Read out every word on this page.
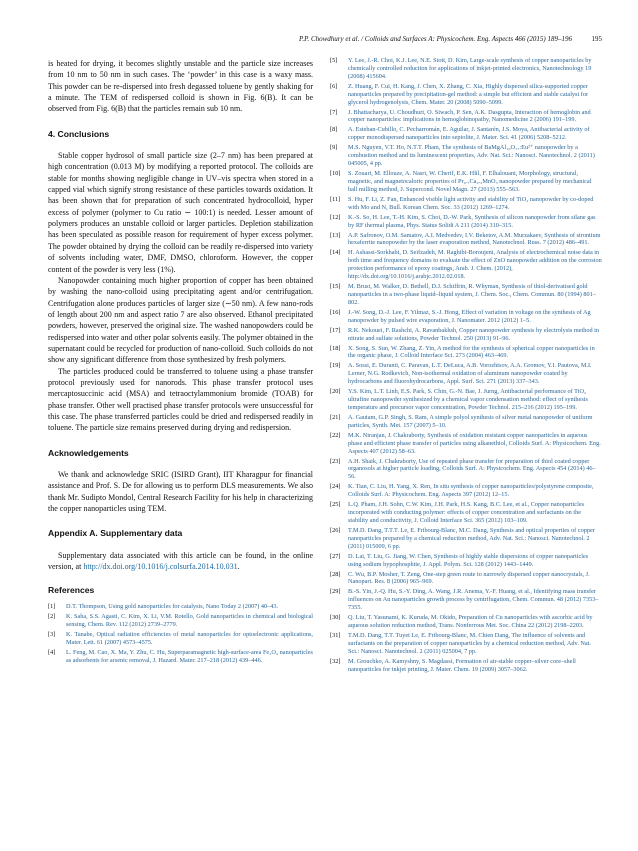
P.P. Chowdhury et al. / Colloids and Surfaces A: Physicochem. Eng. Aspects 466 (2015) 189–196	195

is heated for drying, it becomes slightly unstable and the particle size increases from 10 nm to 50 nm in such cases. The ‘powder’ in this case is a waxy mass. This powder can be re-dispersed into fresh degassed toluene by gently shaking for a minute. The TEM of redispersed colloid is shown in Fig. 6(B). It can be observed from Fig. 6(B) that the particles remain sub 10 nm.

4. Conclusions

Stable copper hydrosol of small particle size (2–7 nm) has been prepared at high concentration (0.013 M) by modifying a reported protocol. The colloids are stable for months showing negligible change in UV–vis spectra when stored in a capped vial which signify strong resistance of these particles towards oxidation. It has been shown that for preparation of such concentrated hydrocolloid, hyper excess of polymer (polymer to Cu ratio ∼ 100:1) is needed. Lesser amount of polymers produces an unstable colloid or larger particles. Depletion stabilization has been speculated as possible reason for requirement of hyper excess polymer. The powder obtained by drying the colloid can be readily re-dispersed into variety of solvents including water, DMF, DMSO, chloroform. However, the copper content of the powder is very less (1%).

Nanopowder containing much higher proportion of copper has been obtained by washing the nano-colloid using precipitating agent and/or centrifugation. Centrifugation alone produces particles of larger size (∼50 nm). A few nano-rods of length about 200 nm and aspect ratio 7 are also observed. Ethanol precipitated powders, however, preserved the original size. The washed nanopowders could be redispersed into water and other polar solvents easily. The polymer obtained in the supernatant could be recycled for production of nano-colloid. Such colloids do not show any significant difference from those synthesized by fresh polymers.

The particles produced could be transferred to toluene using a phase transfer protocol previously used for nanorods. This phase transfer protocol uses mercaptosuccinic acid (MSA) and tetraoctylammonium bromide (TOAB) for phase transfer. Other well practised phase transfer protocols were unsuccessful for this case. The phase transferred particles could be dried and redispersed readily in toluene. The particle size remains preserved during drying and redispersion.

Acknowledgements

We thank and acknowledge SRIC (ISIRD Grant), IIT Kharagpur for financial assistance and Prof. S. De for allowing us to perform DLS measurements. We also thank Mr. Sudipto Mondol, Central Research Facility for his help in characterizing the copper nanoparticles using TEM.

Appendix A. Supplementary data

Supplementary data associated with this article can be found, in the online version, at http://dx.doi.org/10.1016/j.colsurfa.2014.10.031.

References
[1] D.T. Thompson, Using gold nanoparticles for catalysis, Nano Today 2 (2007) 40–43.
[2] K. Saha, S.S. Agasti, C. Kim, X. Li, V.M. Rotello, Gold nanoparticles in chemical and biological sensing, Chem. Rev. 112 (2012) 2739–2779.
[3] K. Tanabe, Optical radiation efficiencies of metal nanoparticles for optoelectronic applications, Mater. Lett. 61 (2007) 4573–4575.
[4] L. Feng, M. Cao, X. Ma, Y. Zhu, C. Hu, Superparamagnetic high-surface-area Fe₃O₄ nanoparticles as adsorbents for arsenic removal, J. Hazard. Mater. 217–218 (2012) 439–446.
[5] Y. Lee, J.-R. Choi, K.J. Lee, N.E. Stott, D. Kim, Large-scale synthesis of copper nanoparticles by chemically controlled reduction for applications of inkjet-printed electronics, Nanotechnology 19 (2008) 415604.
[6] Z. Huang, F. Cui, H. Kang, J. Chen, X. Zhang, C. Xia, Highly dispersed silica-supported copper nanoparticles prepared by precipitation-gel method: a simple but efficient and stable catalyst for glycerol hydrogenolysis, Chem. Mater. 20 (2008) 5090–5099.
[7] J. Bhattacharya, U. Choudhuri, O. Siwach, P. Sen, A.K. Dasgupta, Interaction of hemoglobin and copper nanoparticles: implications in hemoglobinopathy, Nanomedicine 2 (2006) 191–199.
[8] A. Esteban-Cubillo, C. Pecharromán, E. Aguilar, J. Santarén, J.S. Moya, Antibacterial activity of copper monodispersed nanoparticles into sepiolite, J. Mater. Sci. 41 (2006) 5208–5212.
[9] M.S. Nguyen, V.T. Ho, N.T.T. Pham, The synthesis of BaMgAl₁₀O₁₇:Eu²⁺ nanopowder by a combustion method and its luminescent properties, Adv. Nat. Sci.: Nanosci. Nanotechnol. 2 (2011) 045005, 4 pp.
[10] S. Zouari, M. Ellouze, A. Nasri, W. Cherif, E.K. Hlil, F. Elhalouani, Morphology, structural, magnetic, and magnetocaloric properties of Pr₀.₇Ca₀.₃MnO₃ nanopowder prepared by mechanical ball milling method, J. Supercond. Novel Magn. 27 (2013) 555–563.
[11] S. Hu, F. Li, Z. Fan, Enhanced visible light activity and stability of TiO₂ nanopowder by co-doped with Mo and N, Bull. Korean Chem. Soc. 33 (2012) 1269–1274.
[12] K.-S. So, H. Lee, T.-H. Kim, S. Choi, D.-W. Park, Synthesis of silicon nanopowder from silane gas by RF thermal plasma, Phys. Status Solidi A 211 (2014) 310–315.
[13] A.P. Safronov, O.M. Samatov, A.I. Medvedev, I.V. Beketov, A.M. Murzakaev, Synthesis of strontium hexaferrite nanopowder by the laser evaporation method, Nanotechnol. Russ. 7 (2012) 486–491.
[14] H. Ashassi-Sorkhabi, D. Seifzadeh, M. Raghibi-Boroujeni, Analysis of electrochemical noise data in both time and frequency domains to evaluate the effect of ZnO nanopowder addition on the corrosion protection performance of epoxy coatings, Arab. J. Chem. (2012), http://dx.doi.org/10.1016/j.arabjc.2012.02.018.
[15] M. Brust, M. Walker, D. Bethell, D.J. Schiffrin, R. Whyman, Synthesis of thiol-derivatised gold nanoparticles in a two-phase liquid–liquid system, J. Chem. Soc., Chem. Commun. 80 (1994) 801–802.
[16] J.-W. Song, D.-J. Lee, F. Yilmaz, S.-J. Hong, Effect of variation in voltage on the synthesis of Ag nanopowder by pulsed wire evaporation, J. Nanomater. 2012 (2012) 1–5.
[17] R.K. Nekouei, F. Rashchi, A. Ravanbakhsh, Copper nanopowder synthesis by electrolysis method in nitrate and sulfate solutions, Powder Technol. 250 (2013) 91–96.
[18] X. Song, S. Sun, W. Zhang, Z. Yin, A method for the synthesis of spherical copper nanoparticles in the organic phase, J. Colloid Interface Sci. 273 (2004) 463–469.
[19] A. Sossi, E. Duranti, C. Paravan, L.T. DeLuca, A.B. Vorozhtsov, A.A. Gromov, Y.I. Pautova, M.I. Lerner, N.G. Rodkevich, Non-isothermal oxidation of aluminum nanopowder coated by hydrocarbons and fluorohydrocarbons, Appl. Surf. Sci. 271 (2013) 337–343.
[20] Y.S. Kim, L.T. Linh, E.S. Park, S. Chin, G.-N. Bae, J. Jurng, Antibacterial performance of TiO₂ ultrafine nanopowder synthesized by a chemical vapor condensation method: effect of synthesis temperature and precursor vapor concentration, Powder Technol. 215–216 (2012) 195–199.
[21] A. Gautam, G.P. Singh, S. Ram, A simple polyol synthesis of silver metal nanopowder of uniform particles, Synth. Met. 157 (2007) 5–10.
[22] M.K. Niranjan, J. Chakraborty, Synthesis of oxidation resistant copper nanoparticles in aqueous phase and efficient phase transfer of particles using alkanethiol, Colloids Surf. A: Physicochem. Eng. Aspects 407 (2012) 58–63.
[23] A.H. Shaik, J. Chakraborty, Use of repeated phase transfer for preparation of thiol coated copper organosols at higher particle loading, Colloids Surf. A: Physicochem. Eng. Aspects 454 (2014) 46–56.
[24] K. Tian, C. Liu, H. Yang, X. Ren, In situ synthesis of copper nanoparticles/polystyrene composite, Colloids Surf. A: Physicochem. Eng. Aspects 397 (2012) 12–15.
[25] L.Q. Pham, J.H. Sohn, C.W. Kim, J.H. Park, H.S. Kang, B.C. Lee, et al., Copper nanoparticles incorporated with conducting polymer: effects of copper concentration and surfactants on the stability and conductivity, J. Colloid Interface Sci. 365 (2012) 103–109.
[26] T.M.D. Dang, T.T.T. Le, E. Fribourg-Blanc, M.C. Dang, Synthesis and optical properties of copper nanoparticles prepared by a chemical reduction method, Adv. Nat. Sci.: Nanosci. Nanotechnol. 2 (2011) 015009, 6 pp.
[27] D. Lai, T. Liu, G. Jiang, W. Chen, Synthesis of highly stable dispersions of copper nanoparticles using sodium hypophosphite, J. Appl. Polym. Sci. 128 (2012) 1443–1449.
[28] C. Wu, B.P. Mosher, T. Zeng, One-step green route to narrowly dispersed copper nanocrystals, J. Nanopart. Res. 8 (2006) 965–969.
[29] B.-S. Yin, J.-Q. Hu, S.-Y. Ding, A. Wang, J.R. Anema, Y.-F. Huang, et al., Identifying mass transfer influences on Au nanoparticles growth process by centrifugation, Chem. Commun. 48 (2012) 7353–7355.
[30] Q. Liu, T. Yasunami, K. Kuruda, M. Okido, Preparation of Cu nanoparticles with ascorbic acid by aqueous solution reduction method, Trans. Nonferrous Met. Soc. China 22 (2012) 2198–2203.
[31] T.M.D. Dang, T.T. Tuyet Le, E. Fribourg-Blanc, M. Chien Dang, The influence of solvents and surfactants on the preparation of copper nanoparticles by a chemical reduction method, Adv. Nat. Sci.: Nanosci. Nanotechnol. 2 (2011) 025004, 7 pp.
[32] M. Grouchko, A. Kamyshny, S. Magdassi, Formation of air-stable copper–silver core–shell nanoparticles for inkjet printing, J. Mater. Chem. 19 (2009) 3057–3062.
